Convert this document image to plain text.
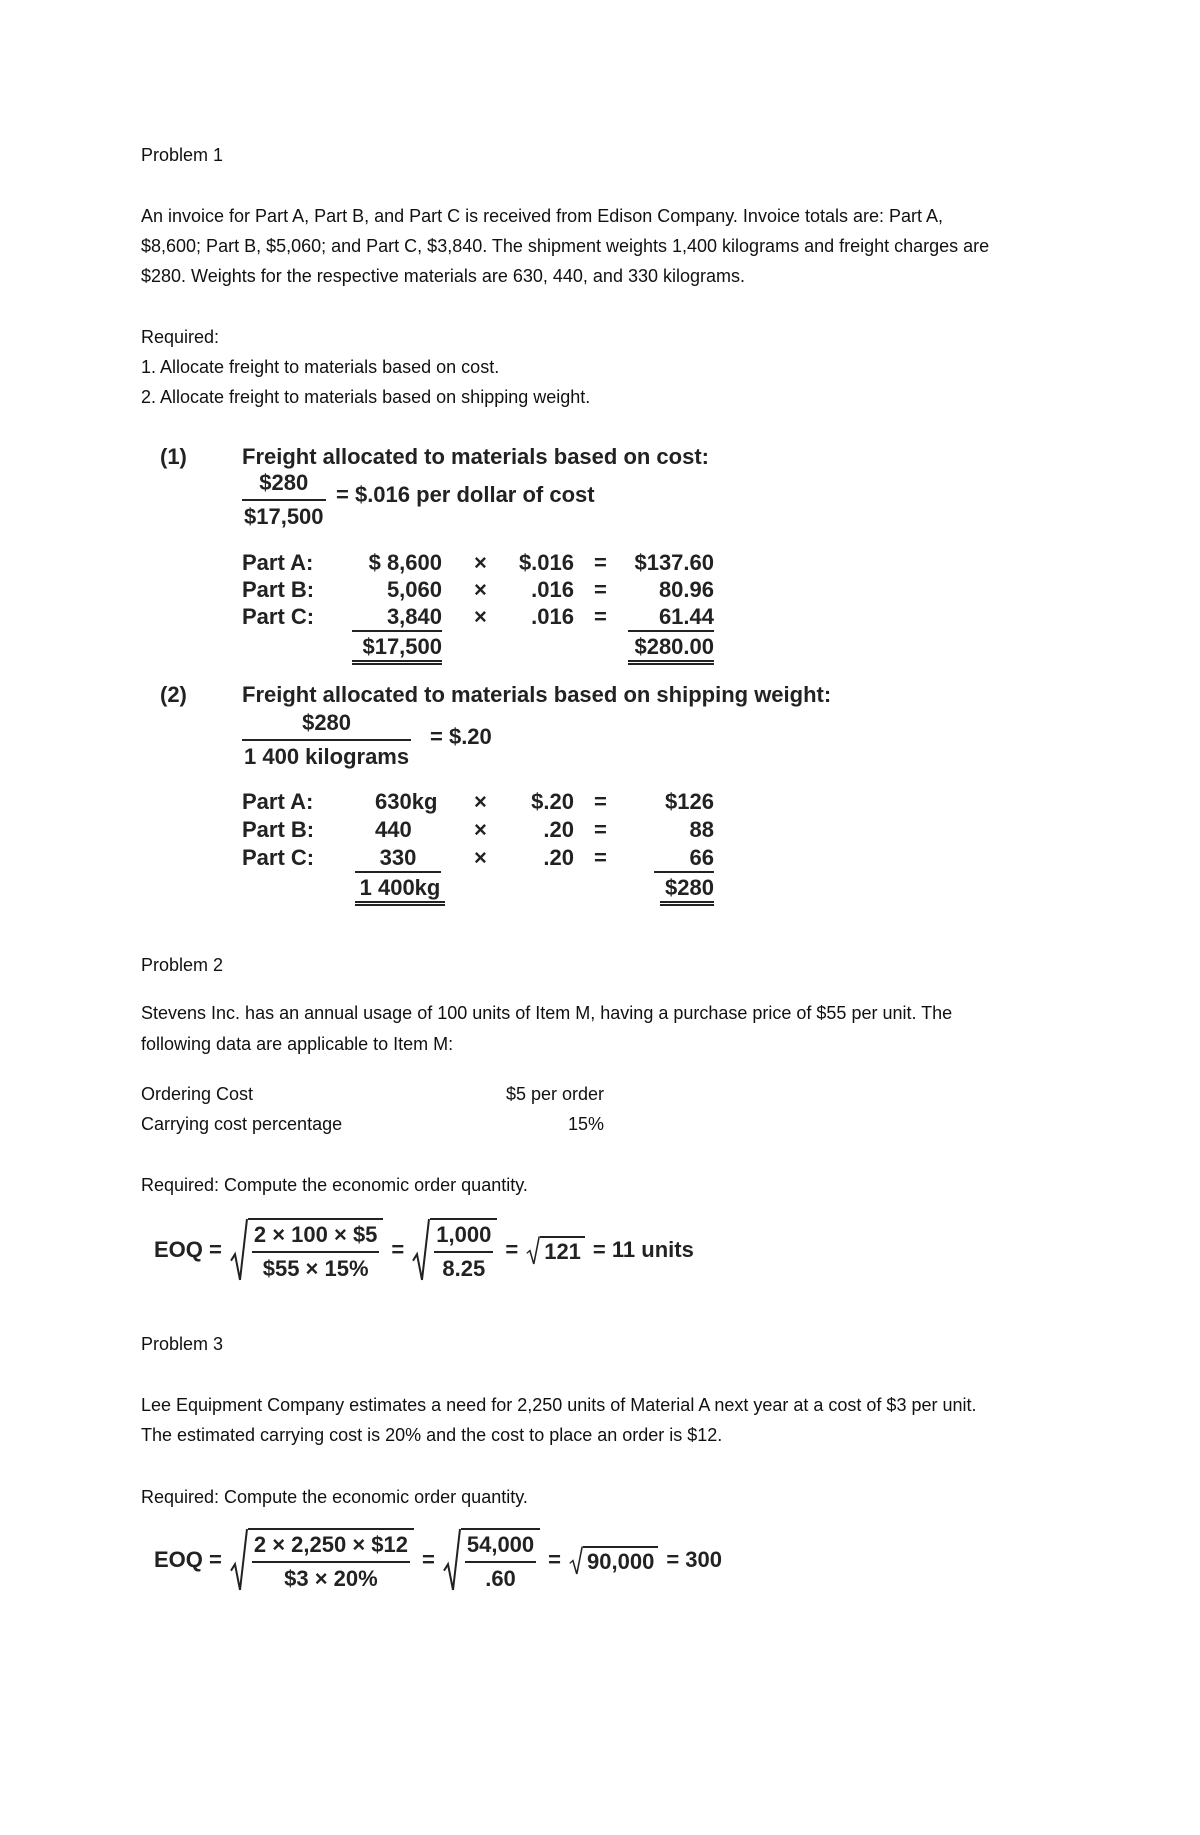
Problem 1
An invoice for Part A, Part B, and Part C is received from Edison Company. Invoice totals are: Part A,
$8,600; Part B, $5,060; and Part C, $3,840. The shipment weights 1,400 kilograms and freight charges are
$280. Weights for the respective materials are 630, 440, and 330 kilograms.
Required:
1. Allocate freight to materials based on cost.
2. Allocate freight to materials based on shipping weight.
(1)	Freight allocated to materials based on cost:
$\frac{\$280}{\$17,500}$ = $.016 per dollar of cost
Part A:	$ 8,600 ×	$.016 =	$137.60
Part B:	5,060 ×	.016 =	80.96
Part C:	3,840 ×	.016 =	61.44
$17,500	$280.00
(2)	Freight allocated to materials based on shipping weight:
$\frac{\$280}{\text{1 400 kilograms}}$ = $.20
Part A:	630kg ×	$.20 =	$126
Part B:	440	×	.20 =	88
Part C:	330	×	.20 =	66
1 400kg	$280
Problem 2
Stevens Inc. has an annual usage of 100 units of Item M, having a purchase price of $55 per unit. The
following data are applicable to Item M:
Ordering Cost	$5 per order
Carrying cost percentage	15%
Required: Compute the economic order quantity.
EOQ = $\frac{2 \times 100 \times \$5}{\$55 \times 15\%} = \frac{1,000}{8.25} = 121 = 11$ units
Problem 3
Lee Equipment Company estimates a need for 2,250 units of Material A next year at a cost of $3 per unit.
The estimated carrying cost is 20% and the cost to place an order is $12.
Required: Compute the economic order quantity.
EOQ = $\frac{2 \times 2,250 \times \$12}{\$3 \times 20\%} = \frac{54,000}{.60} = 90,000 = 300$
